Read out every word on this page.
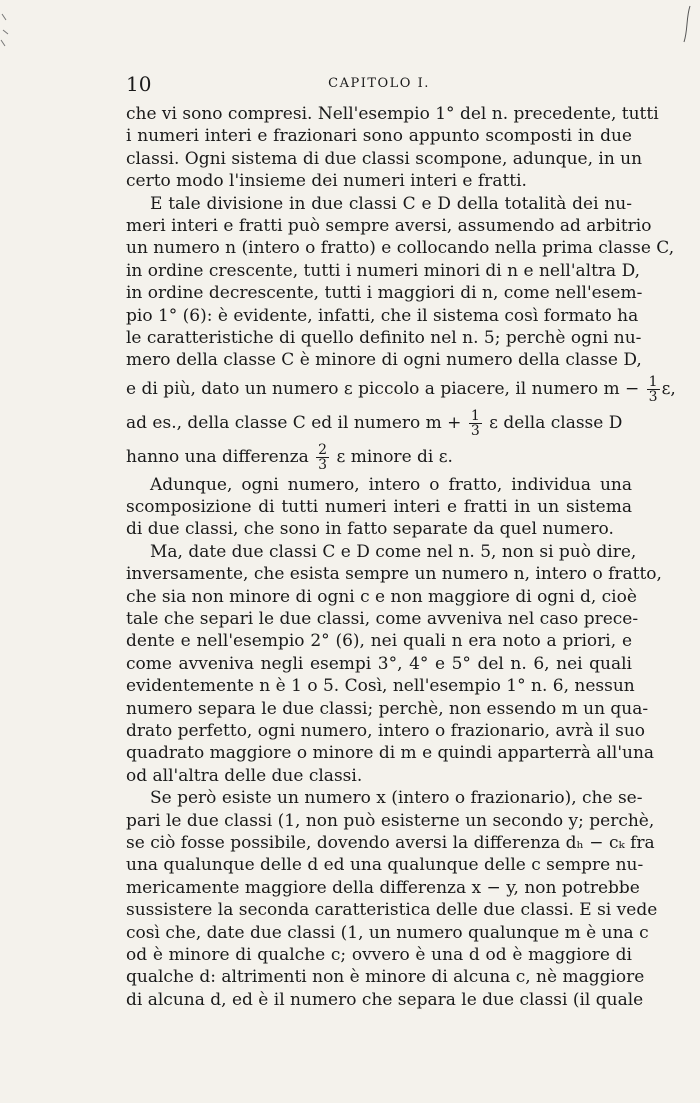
10	CAPITOLO I.
che vi sono compresi. Nell'esempio 1° del n. precedente, tutti
i numeri interi e frazionari sono appunto scomposti in due
classi. Ogni sistema di due classi scompone, adunque, in un
certo modo l'insieme dei numeri interi e fratti.
E tale divisione in due classi C e D della totalità dei nu-
meri interi e fratti può sempre aversi, assumendo ad arbitrio
un numero n (intero o fratto) e collocando nella prima classe C,
in ordine crescente, tutti i numeri minori di n e nell'altra D,
in ordine decrescente, tutti i maggiori di n, come nell'esem-
pio 1° (6): è evidente, infatti, che il sistema così formato ha
le caratteristiche di quello definito nel n. 5; perchè ogni nu-
mero della classe C è minore di ogni numero della classe D,
e di più, dato un numero ε piccolo a piacere, il numero $m - \frac{1}{3} \varepsilon$,
ad es., della classe C ed il numero $m + \frac{1}{3}$ ε della classe D
hanno una differenza $\frac{2}{3}$ ε minore di ε.
Adunque, ogni numero, intero o fratto, individua una
scomposizione di tutti numeri interi e fratti in un sistema
di due classi, che sono in fatto separate da quel numero.
Ma, date due classi C e D come nel n. 5, non si può dire,
inversamente, che esista sempre un numero n, intero o fratto,
che sia non minore di ogni c e non maggiore di ogni d, cioè
tale che separi le due classi, come avveniva nel caso prece-
dente e nell'esempio 2° (6), nei quali n era noto a priori, e
come avveniva negli esempi 3°, 4° e 5° del n. 6, nei quali
evidentemente n è 1 o 5. Così, nell'esempio 1° n. 6, nessun
numero separa le due classi; perchè, non essendo m un qua-
drato perfetto, ogni numero, intero o frazionario, avrà il suo
quadrato maggiore o minore di m e quindi apparterrà all'una
od all'altra delle due classi.
Se però esiste un numero x (intero o frazionario), che se-
pari le due classi (1, non può esisterne un secondo y; perchè,
se ciò fosse possibile, dovendo aversi la differenza dₕ − cₖ fra
una qualunque delle d ed una qualunque delle c sempre nu-
mericamente maggiore della differenza x − y, non potrebbe
sussistere la seconda caratteristica delle due classi. E si vede
così che, date due classi (1, un numero qualunque m è una c
od è minore di qualche c; ovvero è una d od è maggiore di
qualche d: altrimenti non è minore di alcuna c, nè maggiore
di alcuna d, ed è il numero che separa le due classi (il quale
